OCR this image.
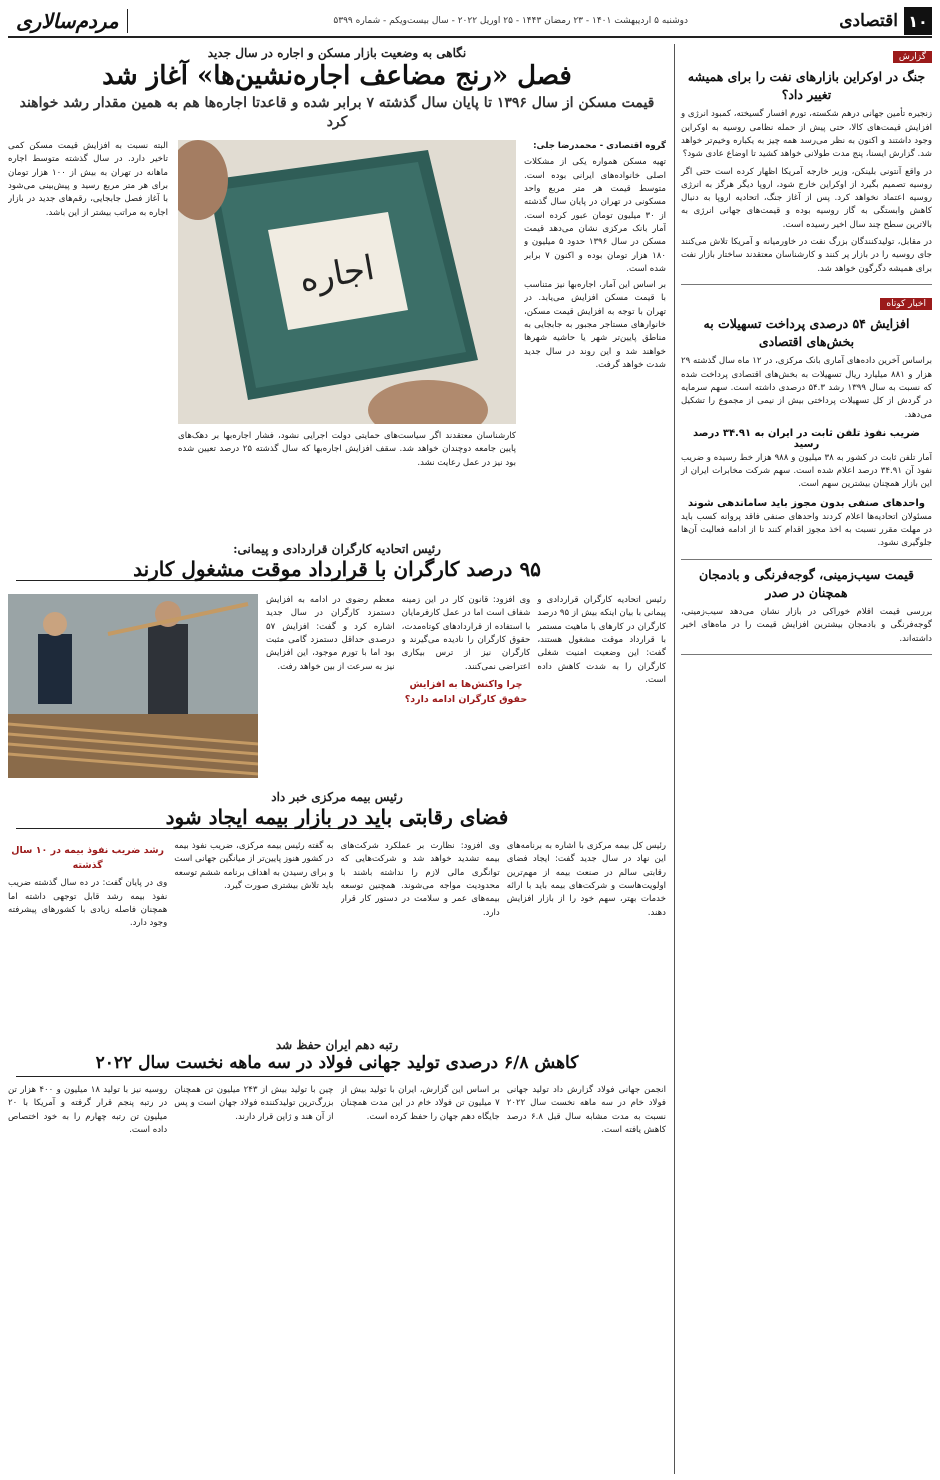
۱۰
اقتصادی
دوشنبه ۵ اردیبهشت ۱۴۰۱ - ۲۳ رمضان ۱۴۴۳ - ۲۵ آوریل ۲۰۲۲ - سال بیست‌ویکم - شماره ۵۳۹۹
مردم‌سالاری
گزارش
جنگ در اوکراین بازارهای نفت را برای همیشه تغییر داد؟

زنجیره تأمین جهانی درهم شکسته، تورم افسار گسیخته، کمبود انرژی و افزایش قیمت‌های کالا، حتی پیش از حمله نظامی روسیه به اوکراین وجود داشتند و اکنون به نظر می‌رسد همه چیز به یکباره وخیم‌تر خواهد شد. گزارش ایسنا، پنج مدت طولانی خواهد کشید تا اوضاع عادی شود؟

در واقع آنتونی بلینکن، وزیر خارجه آمریکا اظهار کرده است حتی اگر روسیه تصمیم بگیرد از اوکراین خارج شود، اروپا دیگر هرگز به انرژی روسیه اعتماد نخواهد کرد. پس از آغاز جنگ، اتحادیه اروپا به دنبال کاهش وابستگی به گاز روسیه بوده و قیمت‌های جهانی انرژی به بالاترین سطح چند سال اخیر رسیده است.

در مقابل، تولیدکنندگان بزرگ نفت در خاورمیانه و آمریکا تلاش می‌کنند جای روسیه را در بازار پر کنند و کارشناسان معتقدند ساختار بازار نفت برای همیشه دگرگون خواهد شد.

اخبار کوتاه
افزایش ۵۴ درصدی پرداخت تسهیلات به بخش‌های اقتصادی

براساس آخرین داده‌های آماری بانک مرکزی، در ۱۲ ماه سال گذشته ۲۹ هزار و ۸۸۱ میلیارد ریال تسهیلات به بخش‌های اقتصادی پرداخت شده که نسبت به سال ۱۳۹۹ رشد ۵۴.۳ درصدی داشته است. سهم سرمایه در گردش از کل تسهیلات پرداختی بیش از نیمی از مجموع را تشکیل می‌دهد.

ضریب نفوذ تلفن ثابت در ایران به ۳۴.۹۱ درصد رسید

آمار تلفن ثابت در کشور به ۳۸ میلیون و ۹۸۸ هزار خط رسیده و ضریب نفوذ آن ۳۴.۹۱ درصد اعلام شده است. سهم شرکت مخابرات ایران از این بازار همچنان بیشترین سهم است.

واحدهای صنفی بدون مجوز باید ساماندهی شوند

مسئولان اتحادیه‌ها اعلام کردند واحدهای صنفی فاقد پروانه کسب باید در مهلت مقرر نسبت به اخذ مجوز اقدام کنند تا از ادامه فعالیت آن‌ها جلوگیری نشود.

قیمت سیب‌زمینی، گوجه‌فرنگی و بادمجان همچنان در صدر

بررسی قیمت اقلام خوراکی در بازار نشان می‌دهد سیب‌زمینی، گوجه‌فرنگی و بادمجان بیشترین افزایش قیمت را در ماه‌های اخیر داشته‌اند.

نگاهی به وضعیت بازار مسکن و اجاره در سال جدید
فصل «رنج مضاعف اجاره‌نشین‌ها» آغاز شد
قیمت مسکن از سال ۱۳۹۶ تا پایان سال گذشته ۷ برابر شده و قاعدتا اجاره‌ها هم به همین مقدار رشد خواهند کرد

گروه اقتصادی - محمدرضا جلی:

تهیه مسکن همواره یکی از مشکلات اصلی خانواده‌های ایرانی بوده است. متوسط قیمت هر متر مربع واحد مسکونی در تهران در پایان سال گذشته از ۳۰ میلیون تومان عبور کرده است. آمار بانک مرکزی نشان می‌دهد قیمت مسکن در سال ۱۳۹۶ حدود ۵ میلیون و ۱۸۰ هزار تومان بوده و اکنون ۷ برابر شده است.

بر اساس این آمار، اجاره‌بها نیز متناسب با قیمت مسکن افزایش می‌یابد. در تهران با توجه به افزایش قیمت مسکن، خانوارهای مستاجر مجبور به جابجایی به مناطق پایین‌تر شهر یا حاشیه شهرها خواهند شد و این روند در سال جدید شدت خواهد گرفت.

اجاره

کارشناسان معتقدند اگر سیاست‌های حمایتی دولت اجرایی نشود، فشار اجاره‌بها بر دهک‌های پایین جامعه دوچندان خواهد شد. سقف افزایش اجاره‌بها که سال گذشته ۲۵ درصد تعیین شده بود نیز در عمل رعایت نشد.

البته نسبت به افزایش قیمت مسکن کمی تاخیر دارد. در سال گذشته متوسط اجاره ماهانه در تهران به بیش از ۱۰۰ هزار تومان برای هر متر مربع رسید و پیش‌بینی می‌شود با آغاز فصل جابجایی، رقم‌های جدید در بازار اجاره به مراتب بیشتر از این باشد.

رئیس اتحادیه کارگران قراردادی و پیمانی:
۹۵ درصد کارگران با قرارداد موقت مشغول کارند

رئیس اتحادیه کارگران قراردادی و پیمانی با بیان اینکه بیش از ۹۵ درصد کارگران در کارهای با ماهیت مستمر با قرارداد موقت مشغول هستند، گفت: این وضعیت امنیت شغلی کارگران را به شدت کاهش داده است.

وی افزود: قانون کار در این زمینه شفاف است اما در عمل کارفرمایان با استفاده از قراردادهای کوتاه‌مدت، حقوق کارگران را نادیده می‌گیرند و کارگران نیز از ترس بیکاری اعتراضی نمی‌کنند.

چرا واکنش‌ها به افزایش حقوق کارگران ادامه دارد؟

معظم رضوی در ادامه به افزایش دستمزد کارگران در سال جدید اشاره کرد و گفت: افزایش ۵۷ درصدی حداقل دستمزد گامی مثبت بود اما با تورم موجود، این افزایش نیز به سرعت از بین خواهد رفت.

رئیس بیمه مرکزی خبر داد
فضای رقابتی باید در بازار بیمه ایجاد شود

رئیس کل بیمه مرکزی با اشاره به برنامه‌های این نهاد در سال جدید گفت: ایجاد فضای رقابتی سالم در صنعت بیمه از مهم‌ترین اولویت‌هاست و شرکت‌های بیمه باید با ارائه خدمات بهتر، سهم خود را از بازار افزایش دهند.

وی افزود: نظارت بر عملکرد شرکت‌های بیمه تشدید خواهد شد و شرکت‌هایی که توانگری مالی لازم را نداشته باشند با محدودیت مواجه می‌شوند. همچنین توسعه بیمه‌های عمر و سلامت در دستور کار قرار دارد.

به گفته رئیس بیمه مرکزی، ضریب نفوذ بیمه در کشور هنوز پایین‌تر از میانگین جهانی است و برای رسیدن به اهداف برنامه ششم توسعه باید تلاش بیشتری صورت گیرد.

رشد ضریب نفوذ بیمه در ۱۰ سال گذشته

وی در پایان گفت: در ده سال گذشته ضریب نفوذ بیمه رشد قابل توجهی داشته اما همچنان فاصله زیادی با کشورهای پیشرفته وجود دارد.

رتبه دهم ایران حفظ شد
کاهش ۶/۸ درصدی تولید جهانی فولاد در سه ماهه نخست سال ۲۰۲۲

انجمن جهانی فولاد گزارش داد تولید جهانی فولاد خام در سه ماهه نخست سال ۲۰۲۲ نسبت به مدت مشابه سال قبل ۶.۸ درصد کاهش یافته است.

بر اساس این گزارش، ایران با تولید بیش از ۷ میلیون تن فولاد خام در این مدت همچنان جایگاه دهم جهان را حفظ کرده است.

چین با تولید بیش از ۲۴۳ میلیون تن همچنان بزرگ‌ترین تولیدکننده فولاد جهان است و پس از آن هند و ژاپن قرار دارند.

روسیه نیز با تولید ۱۸ میلیون و ۴۰۰ هزار تن در رتبه پنجم قرار گرفته و آمریکا با ۲۰ میلیون تن رتبه چهارم را به خود اختصاص داده است.
